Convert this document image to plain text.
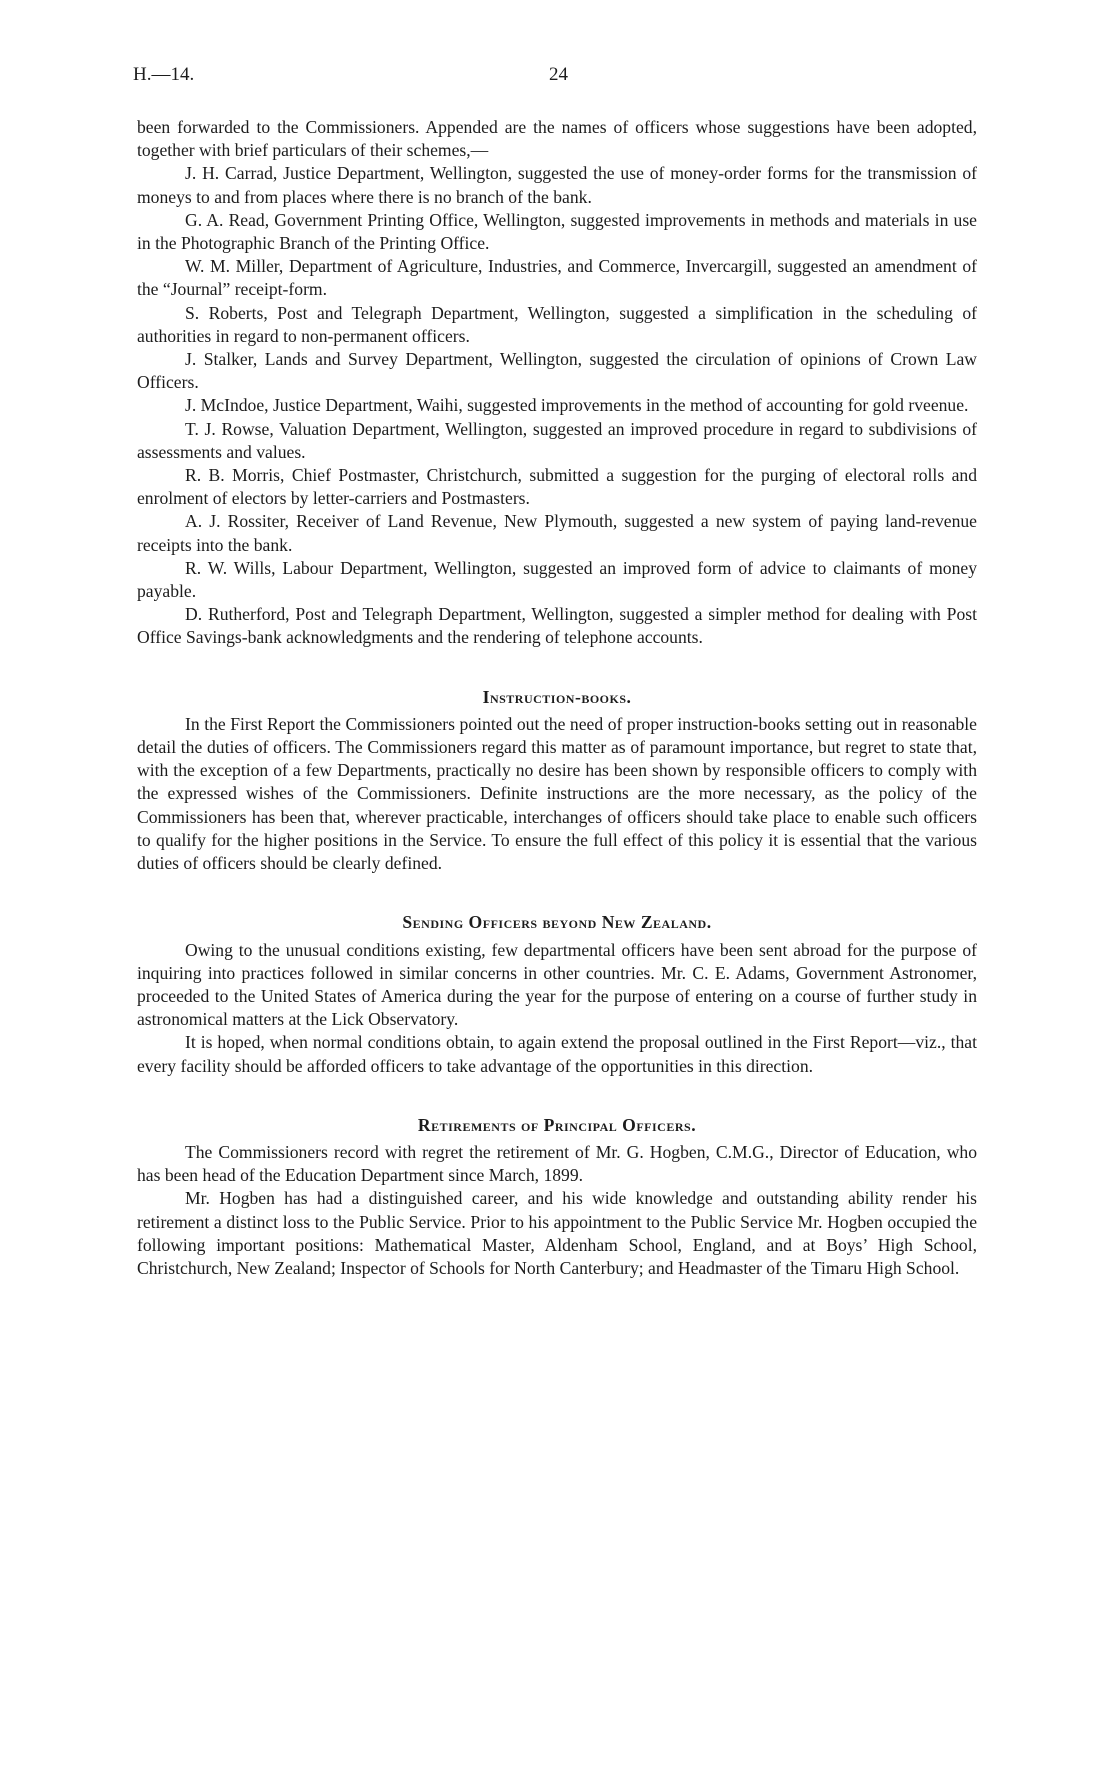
H.—14.	24

been forwarded to the Commissioners. Appended are the names of officers whose suggestions have been adopted, together with brief particulars of their schemes,—

J. H. Carrad, Justice Department, Wellington, suggested the use of money-order forms for the transmission of moneys to and from places where there is no branch of the bank.

G. A. Read, Government Printing Office, Wellington, suggested improvements in methods and materials in use in the Photographic Branch of the Printing Office.

W. M. Miller, Department of Agriculture, Industries, and Commerce, Invercargill, suggested an amendment of the “Journal” receipt-form.

S. Roberts, Post and Telegraph Department, Wellington, suggested a simplification in the scheduling of authorities in regard to non-permanent officers.

J. Stalker, Lands and Survey Department, Wellington, suggested the circulation of opinions of Crown Law Officers.

J. McIndoe, Justice Department, Waihi, suggested improvements in the method of accounting for gold rveenue.

T. J. Rowse, Valuation Department, Wellington, suggested an improved procedure in regard to subdivisions of assessments and values.

R. B. Morris, Chief Postmaster, Christchurch, submitted a suggestion for the purging of electoral rolls and enrolment of electors by letter-carriers and Postmasters.

A. J. Rossiter, Receiver of Land Revenue, New Plymouth, suggested a new system of paying land-revenue receipts into the bank.

R. W. Wills, Labour Department, Wellington, suggested an improved form of advice to claimants of money payable.

D. Rutherford, Post and Telegraph Department, Wellington, suggested a simpler method for dealing with Post Office Savings-bank acknowledgments and the rendering of telephone accounts.

Instruction-books.

In the First Report the Commissioners pointed out the need of proper instruction-books setting out in reasonable detail the duties of officers. The Commissioners regard this matter as of paramount importance, but regret to state that, with the exception of a few Departments, practically no desire has been shown by responsible officers to comply with the expressed wishes of the Commissioners. Definite instructions are the more necessary, as the policy of the Commissioners has been that, wherever practicable, interchanges of officers should take place to enable such officers to qualify for the higher positions in the Service. To ensure the full effect of this policy it is essential that the various duties of officers should be clearly defined.

Sending Officers beyond New Zealand.

Owing to the unusual conditions existing, few departmental officers have been sent abroad for the purpose of inquiring into practices followed in similar concerns in other countries. Mr. C. E. Adams, Government Astronomer, proceeded to the United States of America during the year for the purpose of entering on a course of further study in astronomical matters at the Lick Observatory.

It is hoped, when normal conditions obtain, to again extend the proposal outlined in the First Report—viz., that every facility should be afforded officers to take advantage of the opportunities in this direction.

Retirements of Principal Officers.

The Commissioners record with regret the retirement of Mr. G. Hogben, C.M.G., Director of Education, who has been head of the Education Department since March, 1899.

Mr. Hogben has had a distinguished career, and his wide knowledge and outstanding ability render his retirement a distinct loss to the Public Service. Prior to his appointment to the Public Service Mr. Hogben occupied the following important positions: Mathematical Master, Aldenham School, England, and at Boys’ High School, Christchurch, New Zealand; Inspector of Schools for North Canterbury; and Headmaster of the Timaru High School.
